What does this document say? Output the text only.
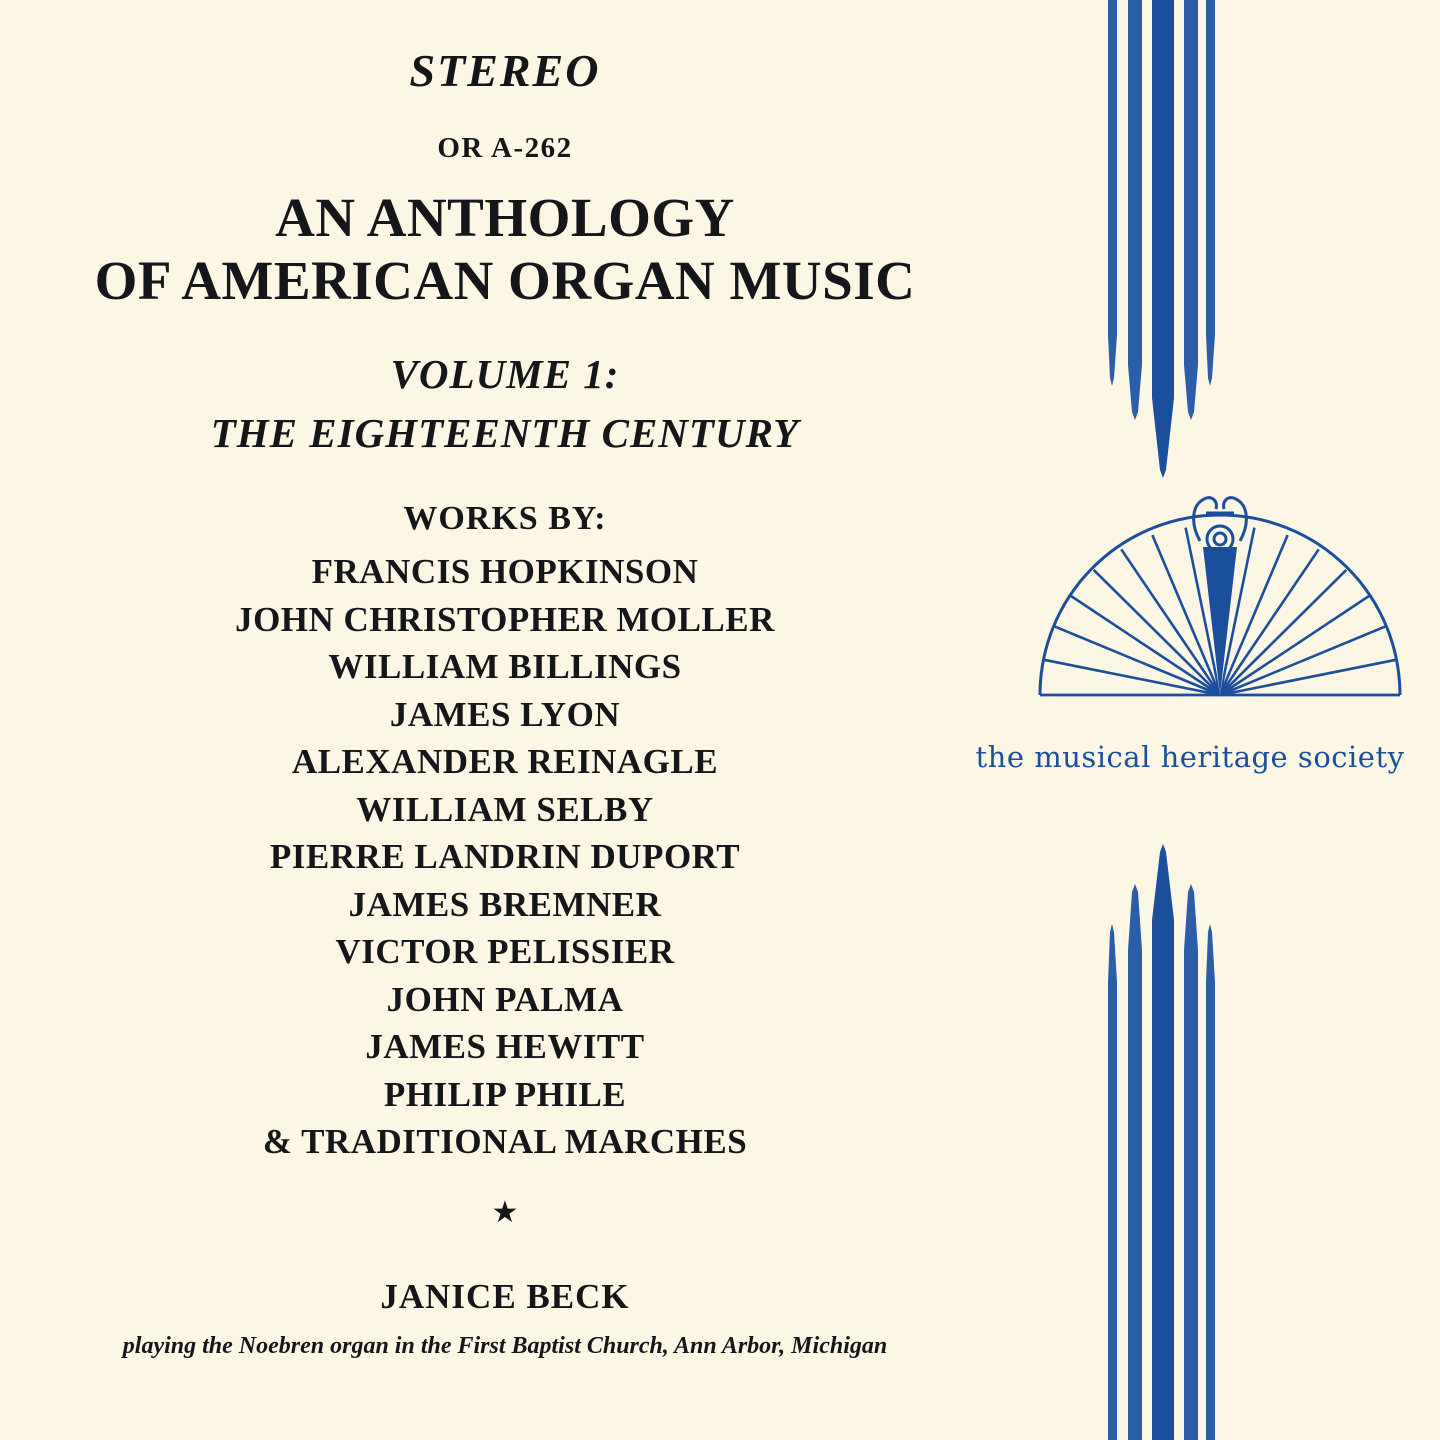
STEREO
OR A-262
AN ANTHOLOGY
OF AMERICAN ORGAN MUSIC
VOLUME 1:
THE EIGHTEENTH CENTURY
WORKS BY:
FRANCIS HOPKINSON
JOHN CHRISTOPHER MOLLER
WILLIAM BILLINGS
JAMES LYON
ALEXANDER REINAGLE
WILLIAM SELBY
PIERRE LANDRIN DUPORT
JAMES BREMNER
VICTOR PELISSIER
JOHN PALMA
JAMES HEWITT
PHILIP PHILE
& TRADITIONAL MARCHES
★
JANICE BECK
playing the Noebren organ in the First Baptist Church, Ann Arbor, Michigan
the musical heritage society
